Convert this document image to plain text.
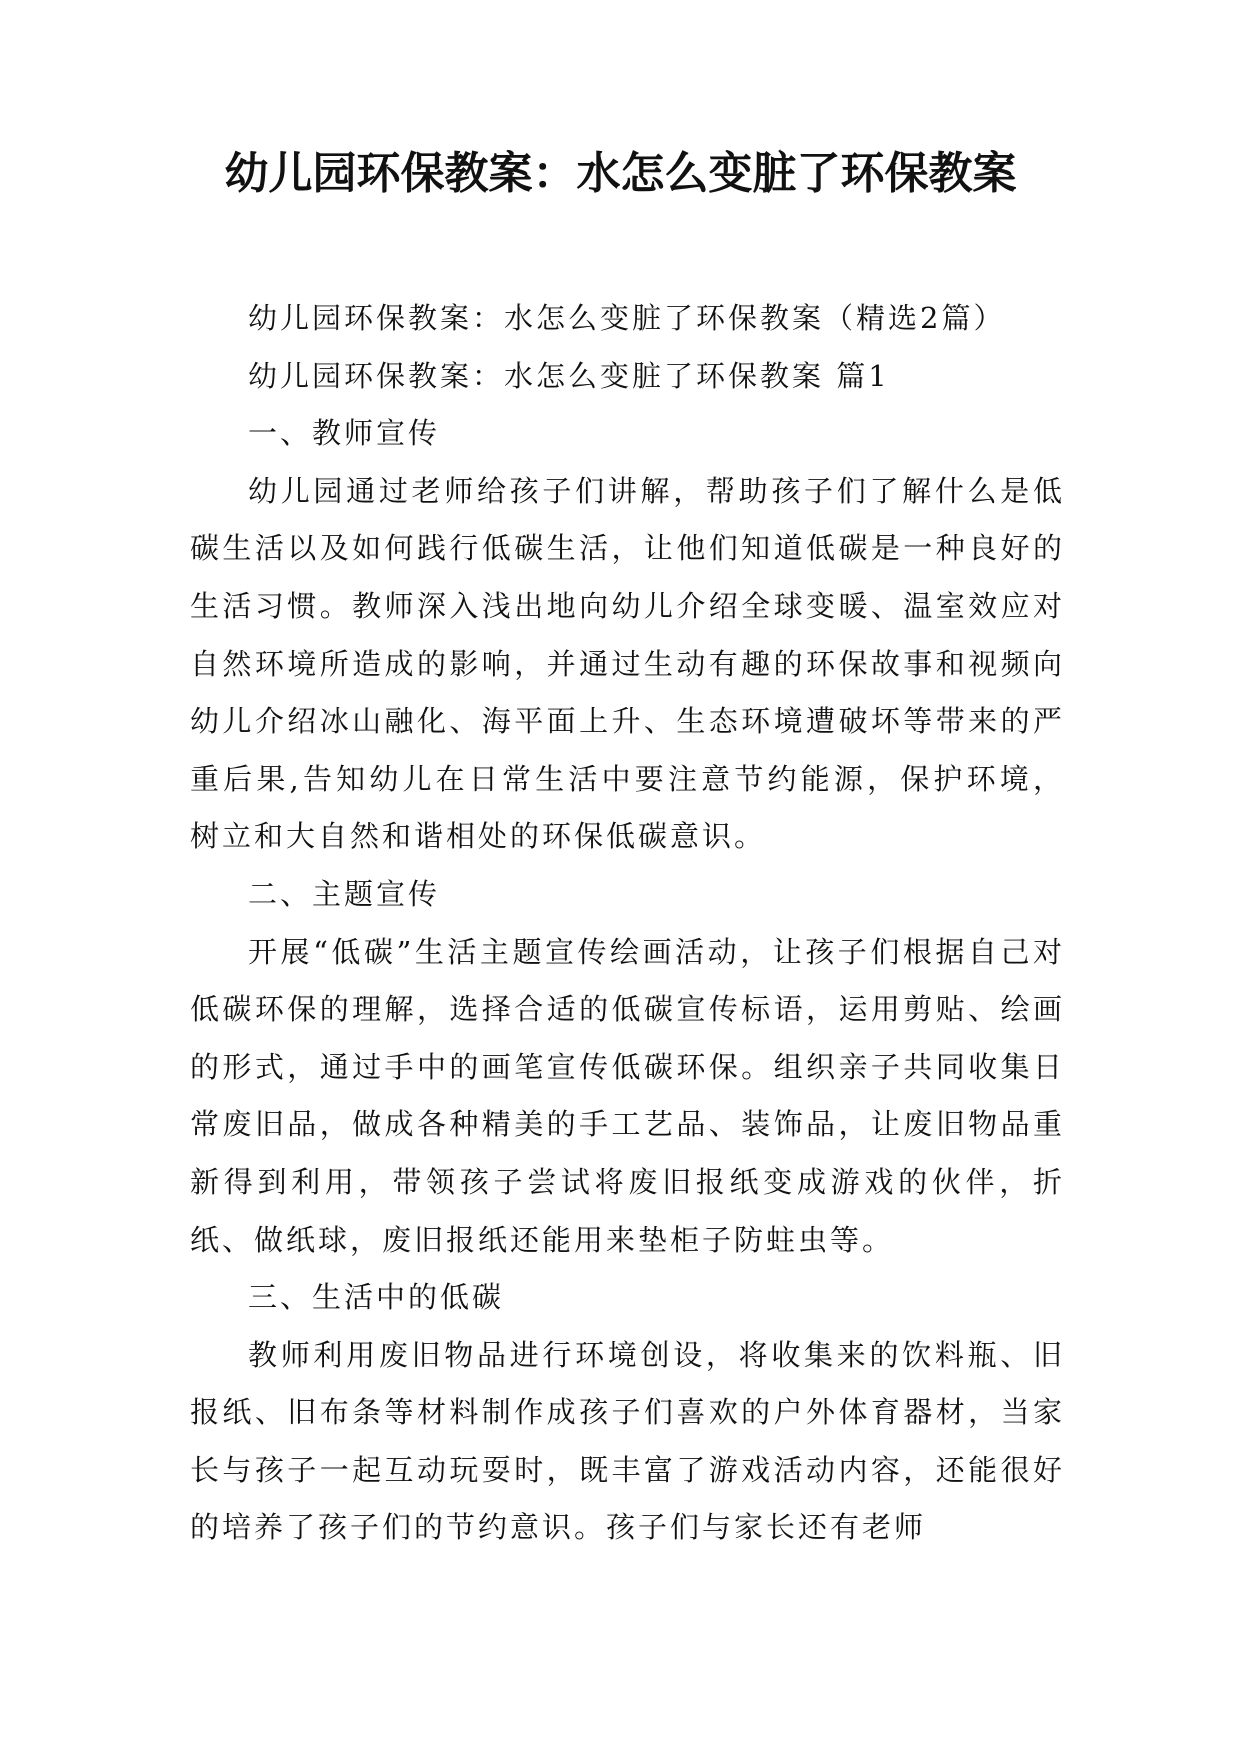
幼儿园环保教案：水怎么变脏了环保教案

幼儿园环保教案：水怎么变脏了环保教案（精选2篇）

幼儿园环保教案：水怎么变脏了环保教案 篇1

一、教师宣传

幼儿园通过老师给孩子们讲解，帮助孩子们了解什么是低碳生活以及如何践行低碳生活，让他们知道低碳是一种良好的生活习惯。教师深入浅出地向幼儿介绍全球变暖、温室效应对自然环境所造成的影响，并通过生动有趣的环保故事和视频向幼儿介绍冰山融化、海平面上升、生态环境遭破坏等带来的严重后果,告知幼儿在日常生活中要注意节约能源，保护环境，树立和大自然和谐相处的环保低碳意识。

二、主题宣传

开展“低碳”生活主题宣传绘画活动，让孩子们根据自己对低碳环保的理解，选择合适的低碳宣传标语，运用剪贴、绘画的形式，通过手中的画笔宣传低碳环保。组织亲子共同收集日常废旧品，做成各种精美的手工艺品、装饰品，让废旧物品重新得到利用，带领孩子尝试将废旧报纸变成游戏的伙伴，折纸、做纸球，废旧报纸还能用来垫柜子防蛀虫等。

三、生活中的低碳

教师利用废旧物品进行环境创设，将收集来的饮料瓶、旧报纸、旧布条等材料制作成孩子们喜欢的户外体育器材，当家长与孩子一起互动玩耍时，既丰富了游戏活动内容，还能很好的培养了孩子们的节约意识。孩子们与家长还有老师
